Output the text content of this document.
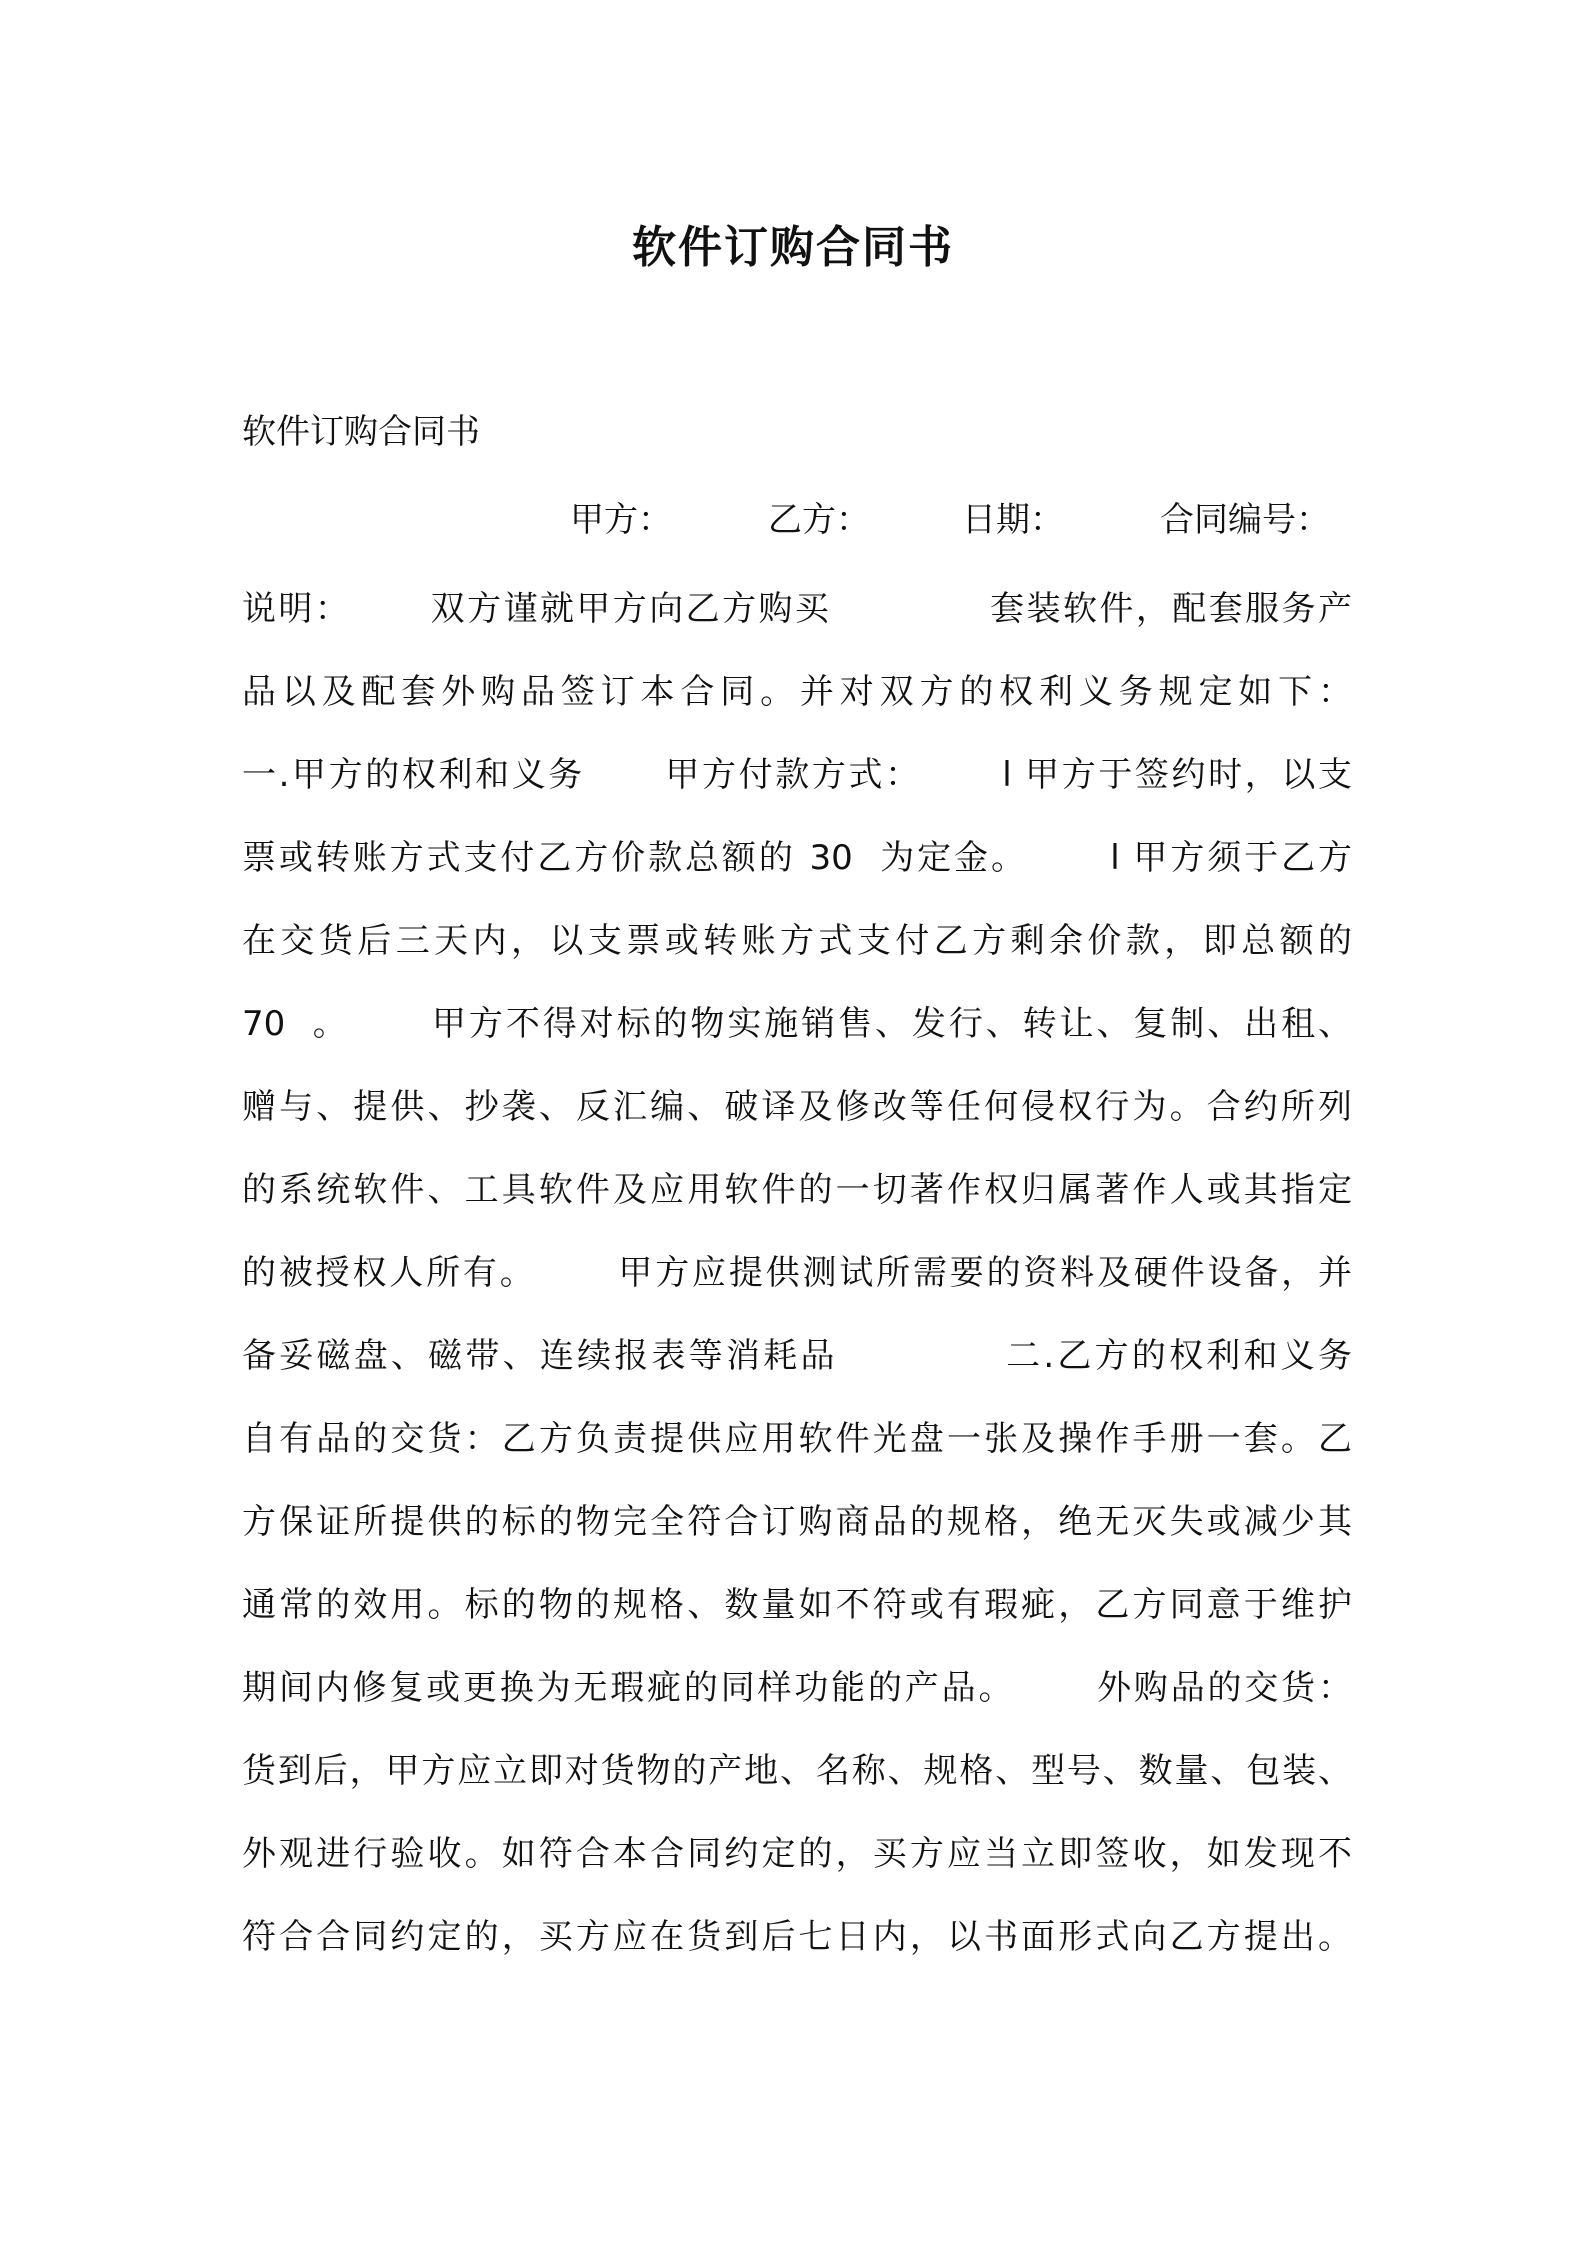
软件订购合同书

软件订购合同书

甲方：	乙方：	日期：	合同编号：
说明：      双方谨就甲方向乙方购买            套装软件，配套服务产
品以及配套外购品签订本合同。并对双方的权利义务规定如下：
一.甲方的权利和义务      甲方付款方式：      l 甲方于签约时，以支
票或转账方式支付乙方价款总额的 30  为定金。      l 甲方须于乙方
在交货后三天内，以支票或转账方式支付乙方剩余价款，即总额的
70  。      甲方不得对标的物实施销售、发行、转让、复制、出租、
赠与、提供、抄袭、反汇编、破译及修改等任何侵权行为。合约所列
的系统软件、工具软件及应用软件的一切著作权归属著作人或其指定
的被授权人所有。      甲方应提供测试所需要的资料及硬件设备，并
备妥磁盘、磁带、连续报表等消耗品            二.乙方的权利和义务
自有品的交货：乙方负责提供应用软件光盘一张及操作手册一套。乙
方保证所提供的标的物完全符合订购商品的规格，绝无灭失或减少其
通常的效用。标的物的规格、数量如不符或有瑕疵，乙方同意于维护
期间内修复或更换为无瑕疵的同样功能的产品。      外购品的交货：
货到后，甲方应立即对货物的产地、名称、规格、型号、数量、包装、
外观进行验收。如符合本合同约定的，买方应当立即签收，如发现不
符合合同约定的，买方应在货到后七日内，以书面形式向乙方提出。
